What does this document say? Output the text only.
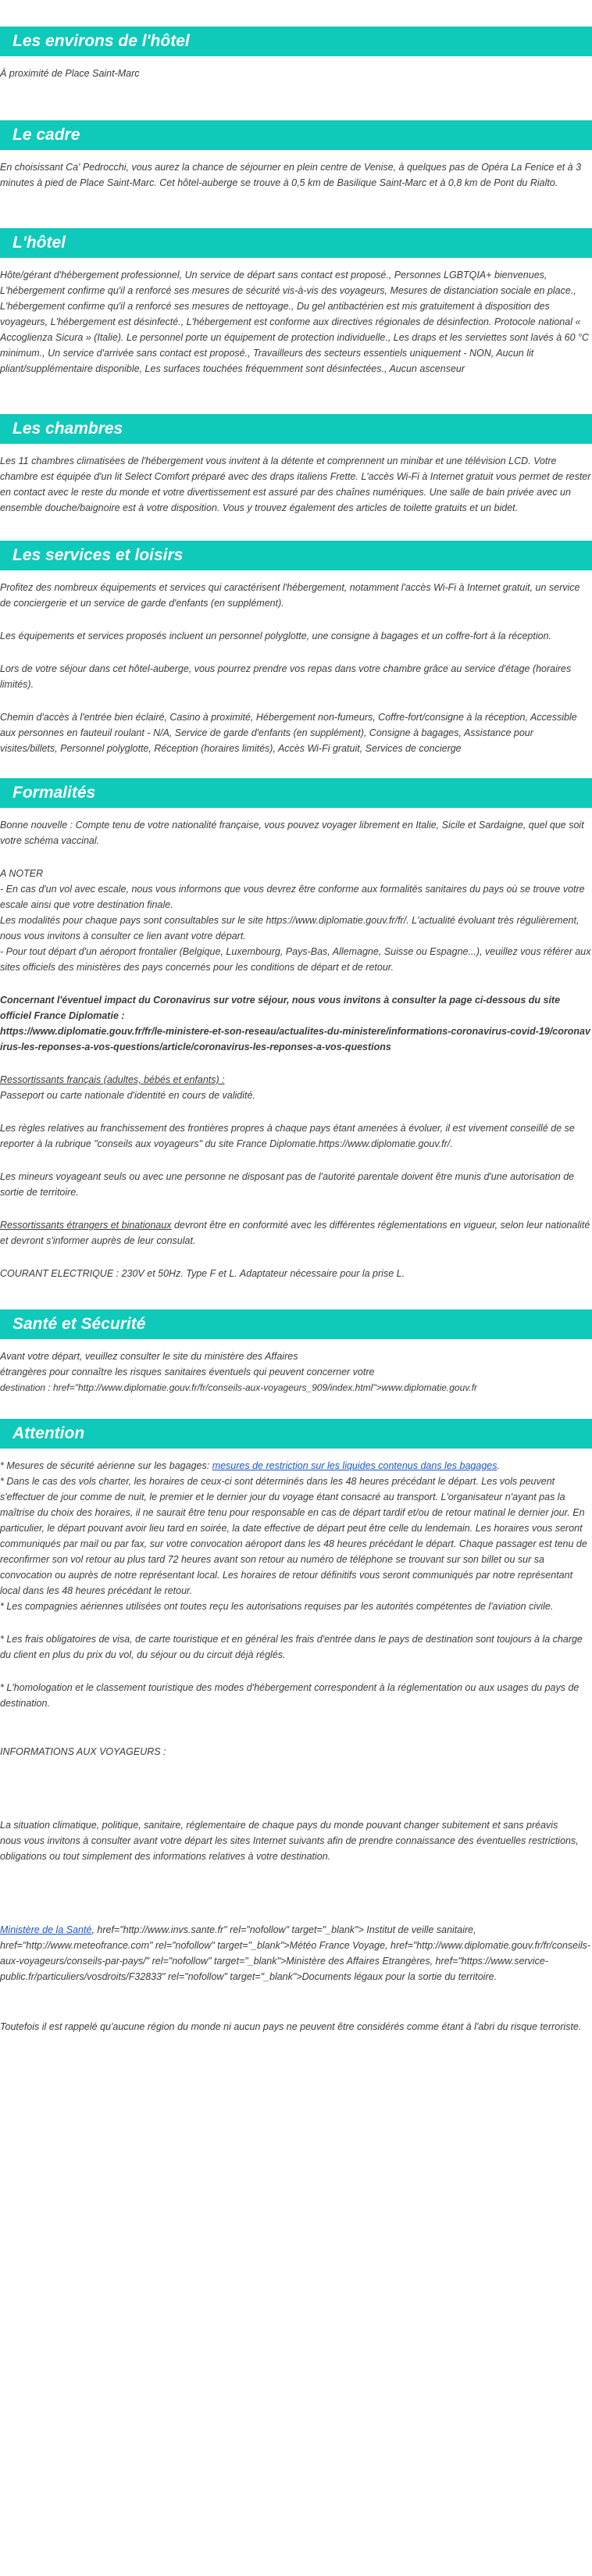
Les environs de l'hôtel

À proximité de Place Saint-Marc

Le cadre

En choisissant Ca' Pedrocchi, vous aurez la chance de séjourner en plein centre de Venise, à quelques pas de Opéra La Fenice et à 3 minutes à pied de Place Saint-Marc. Cet hôtel-auberge se trouve à 0,5 km de Basilique Saint-Marc et à 0,8 km de Pont du Rialto.

L'hôtel

Hôte/gérant d'hébergement professionnel, Un service de départ sans contact est proposé., Personnes LGBTQIA+ bienvenues, L'hébergement confirme qu'il a renforcé ses mesures de sécurité vis-à-vis des voyageurs, Mesures de distanciation sociale en place., L'hébergement confirme qu'il a renforcé ses mesures de nettoyage., Du gel antibactérien est mis gratuitement à disposition des voyageurs, L'hébergement est désinfecté., L'hébergement est conforme aux directives régionales de désinfection. Protocole national « Accoglienza Sicura » (Italie). Le personnel porte un équipement de protection individuelle., Les draps et les serviettes sont lavés à 60 °C minimum., Un service d'arrivée sans contact est proposé., Travailleurs des secteurs essentiels uniquement - NON, Aucun lit pliant/supplémentaire disponible, Les surfaces touchées fréquemment sont désinfectées., Aucun ascenseur

Les chambres

Les 11 chambres climatisées de l'hébergement vous invitent à la détente et comprennent un minibar et une télévision LCD. Votre chambre est équipée d'un lit Select Comfort préparé avec des draps italiens Frette. L'accès Wi-Fi à Internet gratuit vous permet de rester en contact avec le reste du monde et votre divertissement est assuré par des chaînes numériques. Une salle de bain privée avec un ensemble douche/baignoire est à votre disposition. Vous y trouvez également des articles de toilette gratuits et un bidet.

Les services et loisirs

Profitez des nombreux équipements et services qui caractérisent l'hébergement, notamment l'accès Wi-Fi à Internet gratuit, un service de conciergerie et un service de garde d'enfants (en supplément).

Les équipements et services proposés incluent un personnel polyglotte, une consigne à bagages et un coffre-fort à la réception.

Lors de votre séjour dans cet hôtel-auberge, vous pourrez prendre vos repas dans votre chambre grâce au service d'étage (horaires limités).

Chemin d'accès à l'entrée bien éclairé, Casino à proximité, Hébergement non-fumeurs, Coffre-fort/consigne à la réception, Accessible aux personnes en fauteuil roulant - N/A, Service de garde d'enfants (en supplément), Consigne à bagages, Assistance pour visites/billets, Personnel polyglotte, Réception (horaires limités), Accès Wi-Fi gratuit, Services de concierge

Formalités

Bonne nouvelle : Compte tenu de votre nationalité française, vous pouvez voyager librement en Italie, Sicile et Sardaigne, quel que soit votre schéma vaccinal.

A NOTER
- En cas d'un vol avec escale, nous vous informons que vous devrez être conforme aux formalités sanitaires du pays où se trouve votre escale ainsi que votre destination finale.
Les modalités pour chaque pays sont consultables sur le site https://www.diplomatie.gouv.fr/fr/. L'actualité évoluant très régulièrement, nous vous invitons à consulter ce lien avant votre départ.
- Pour tout départ d'un aéroport frontalier (Belgique, Luxembourg, Pays-Bas, Allemagne, Suisse ou Espagne...), veuillez vous référer aux sites officiels des ministères des pays concernés pour les conditions de départ et de retour.
Concernant l'éventuel impact du Coronavirus sur votre séjour, nous vous invitons à consulter la page ci-dessous du site officiel France Diplomatie :
https://www.diplomatie.gouv.fr/fr/le-ministere-et-son-reseau/actualites-du-ministere/informations-coronavirus-covid-19/coronavirus-les-reponses-a-vos-questions/article/coronavirus-les-reponses-a-vos-questions
Ressortissants français (adultes, bébés et enfants) :
Passeport ou carte nationale d'identité en cours de validité.

Les règles relatives au franchissement des frontières propres à chaque pays étant amenées à évoluer, il est vivement conseillé de se reporter à la rubrique "conseils aux voyageurs" du site France Diplomatie.https://www.diplomatie.gouv.fr/.

Les mineurs voyageant seuls ou avec une personne ne disposant pas de l'autorité parentale doivent être munis d'une autorisation de sortie de territoire.

Ressortissants étrangers et binationaux devront être en conformité avec les différentes réglementations en vigueur, selon leur nationalité et devront s'informer auprès de leur consulat.

COURANT ELECTRIQUE : 230V et 50Hz. Type F et L. Adaptateur nécessaire pour la prise L.

Santé et Sécurité
Avant votre départ, veuillez consulter le site du ministère des Affaires
étrangères pour connaître les risques sanitaires éventuels qui peuvent concerner votre
destination : href="http://www.diplomatie.gouv.fr/fr/conseils-aux-voyageurs_909/index.html">www.diplomatie.gouv.fr
Attention
* Mesures de sécurité aérienne sur les bagages: mesures de restriction sur les liquides contenus dans les bagages.
* Dans le cas des vols charter, les horaires de ceux-ci sont déterminés dans les 48 heures précédant le départ. Les vols peuvent s'effectuer de jour comme de nuit, le premier et le dernier jour du voyage étant consacré au transport. L'organisateur n'ayant pas la maîtrise du choix des horaires, il ne saurait être tenu pour responsable en cas de départ tardif et/ou de retour matinal le dernier jour. En particulier, le départ pouvant avoir lieu tard en soirée, la date effective de départ peut être celle du lendemain. Les horaires vous seront communiqués par mail ou par fax, sur votre convocation aéroport dans les 48 heures précédant le départ. Chaque passager est tenu de reconfirmer son vol retour au plus tard 72 heures avant son retour au numéro de téléphone se trouvant sur son billet ou sur sa convocation ou auprès de notre représentant local. Les horaires de retour définitifs vous seront communiqués par notre représentant local dans les 48 heures précédant le retour.

* Les compagnies aériennes utilisées ont toutes reçu les autorisations requises par les autorités compétentes de l'aviation civile.

* Les frais obligatoires de visa, de carte touristique et en général les frais d'entrée dans le pays de destination sont toujours à la charge du client en plus du prix du vol, du séjour ou du circuit déjà réglés.

* L'homologation et le classement touristique des modes d'hébergement correspondent à la réglementation ou aux usages du pays de destination.

INFORMATIONS AUX VOYAGEURS :

La situation climatique, politique, sanitaire, réglementaire de chaque pays du monde pouvant changer subitement et sans préavis

nous vous invitons à consulter avant votre départ les sites Internet suivants afin de prendre connaissance des éventuelles restrictions, obligations ou tout simplement des informations relatives à votre destination.

Ministère de la Santé, href="http://www.invs.sante.fr" rel="nofollow" target="_blank"> Institut de veille sanitaire, href="http://www.meteofrance.com" rel="nofollow" target="_blank">Météo France Voyage, href="http://www.diplomatie.gouv.fr/fr/conseils-aux-voyageurs/conseils-par-pays/" rel="nofollow" target="_blank">Ministère des Affaires Etrangères, href="https://www.service-public.fr/particuliers/vosdroits/F32833" rel="nofollow" target="_blank">Documents légaux pour la sortie du territoire.

Toutefois il est rappelé qu'aucune région du monde ni aucun pays ne peuvent être considérés comme étant à l'abri du risque terroriste.
